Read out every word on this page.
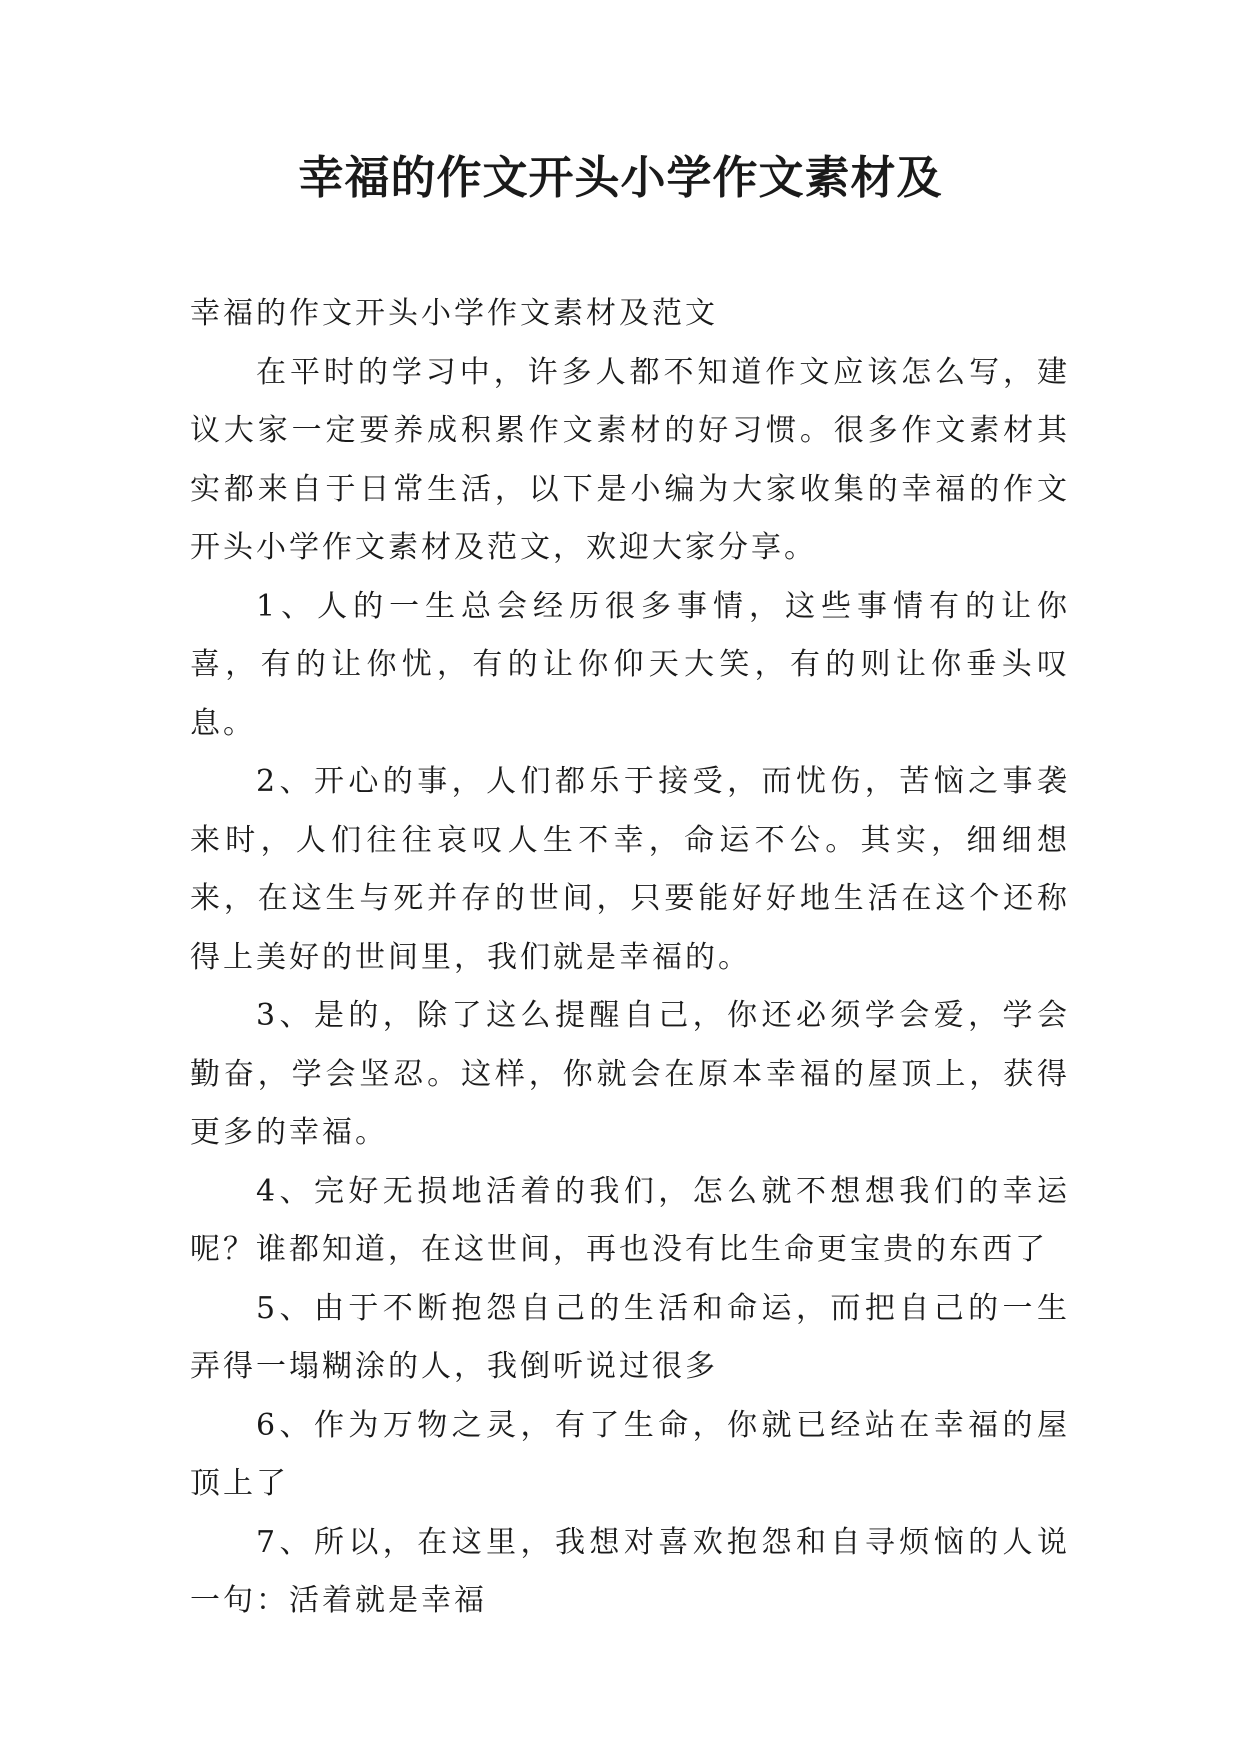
幸福的作文开头小学作文素材及

幸福的作文开头小学作文素材及范文

在平时的学习中，许多人都不知道作文应该怎么写，建议大家一定要养成积累作文素材的好习惯。很多作文素材其实都来自于日常生活，以下是小编为大家收集的幸福的作文开头小学作文素材及范文，欢迎大家分享。

1、人的一生总会经历很多事情，这些事情有的让你喜，有的让你忧，有的让你仰天大笑，有的则让你垂头叹息。

2、开心的事，人们都乐于接受，而忧伤，苦恼之事袭来时，人们往往哀叹人生不幸，命运不公。其实，细细想来，在这生与死并存的世间，只要能好好地生活在这个还称得上美好的世间里，我们就是幸福的。

3、是的，除了这么提醒自己，你还必须学会爱，学会勤奋，学会坚忍。这样，你就会在原本幸福的屋顶上，获得更多的幸福。

4、完好无损地活着的我们，怎么就不想想我们的幸运呢？谁都知道，在这世间，再也没有比生命更宝贵的东西了

5、由于不断抱怨自己的生活和命运，而把自己的一生弄得一塌糊涂的人，我倒听说过很多

6、作为万物之灵，有了生命，你就已经站在幸福的屋顶上了

7、所以，在这里，我想对喜欢抱怨和自寻烦恼的人说一句：活着就是幸福
